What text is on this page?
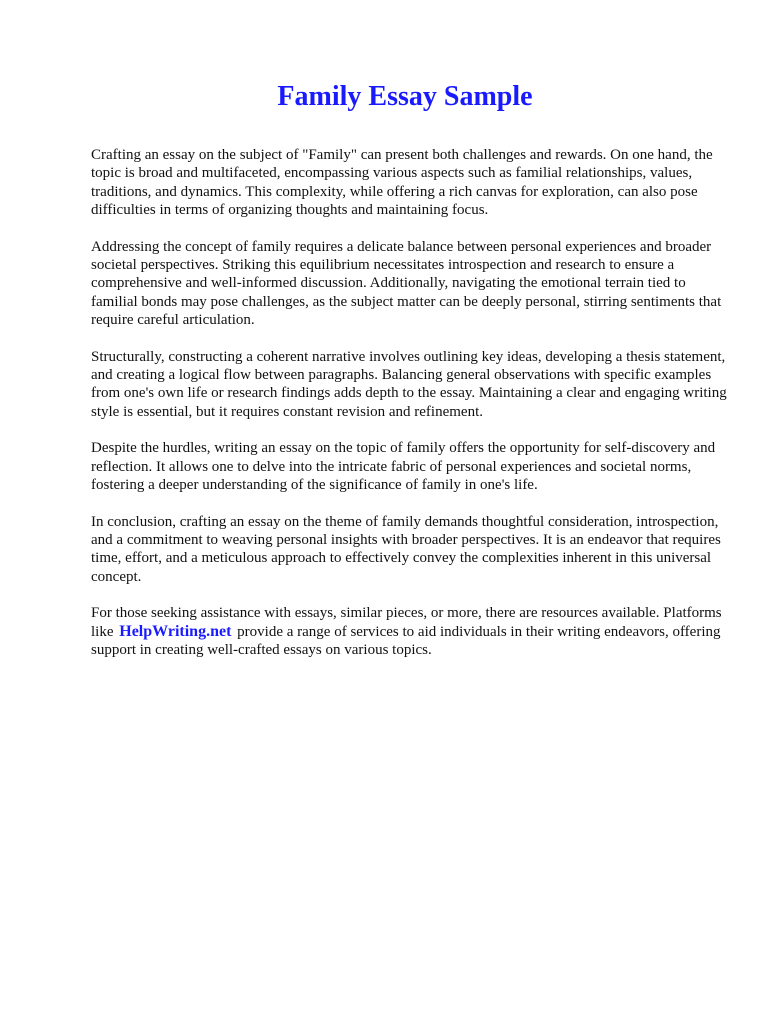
Family Essay Sample

Crafting an essay on the subject of "Family" can present both challenges and rewards. On one hand, the topic is broad and multifaceted, encompassing various aspects such as familial relationships, values, traditions, and dynamics. This complexity, while offering a rich canvas for exploration, can also pose difficulties in terms of organizing thoughts and maintaining focus.

Addressing the concept of family requires a delicate balance between personal experiences and broader societal perspectives. Striking this equilibrium necessitates introspection and research to ensure a comprehensive and well-informed discussion. Additionally, navigating the emotional terrain tied to familial bonds may pose challenges, as the subject matter can be deeply personal, stirring sentiments that require careful articulation.

Structurally, constructing a coherent narrative involves outlining key ideas, developing a thesis statement, and creating a logical flow between paragraphs. Balancing general observations with specific examples from one's own life or research findings adds depth to the essay. Maintaining a clear and engaging writing style is essential, but it requires constant revision and refinement.

Despite the hurdles, writing an essay on the topic of family offers the opportunity for self-discovery and reflection. It allows one to delve into the intricate fabric of personal experiences and societal norms, fostering a deeper understanding of the significance of family in one's life.

In conclusion, crafting an essay on the theme of family demands thoughtful consideration, introspection, and a commitment to weaving personal insights with broader perspectives. It is an endeavor that requires time, effort, and a meticulous approach to effectively convey the complexities inherent in this universal concept.

For those seeking assistance with essays, similar pieces, or more, there are resources available. Platforms like HelpWriting.net provide a range of services to aid individuals in their writing endeavors, offering support in creating well-crafted essays on various topics.
